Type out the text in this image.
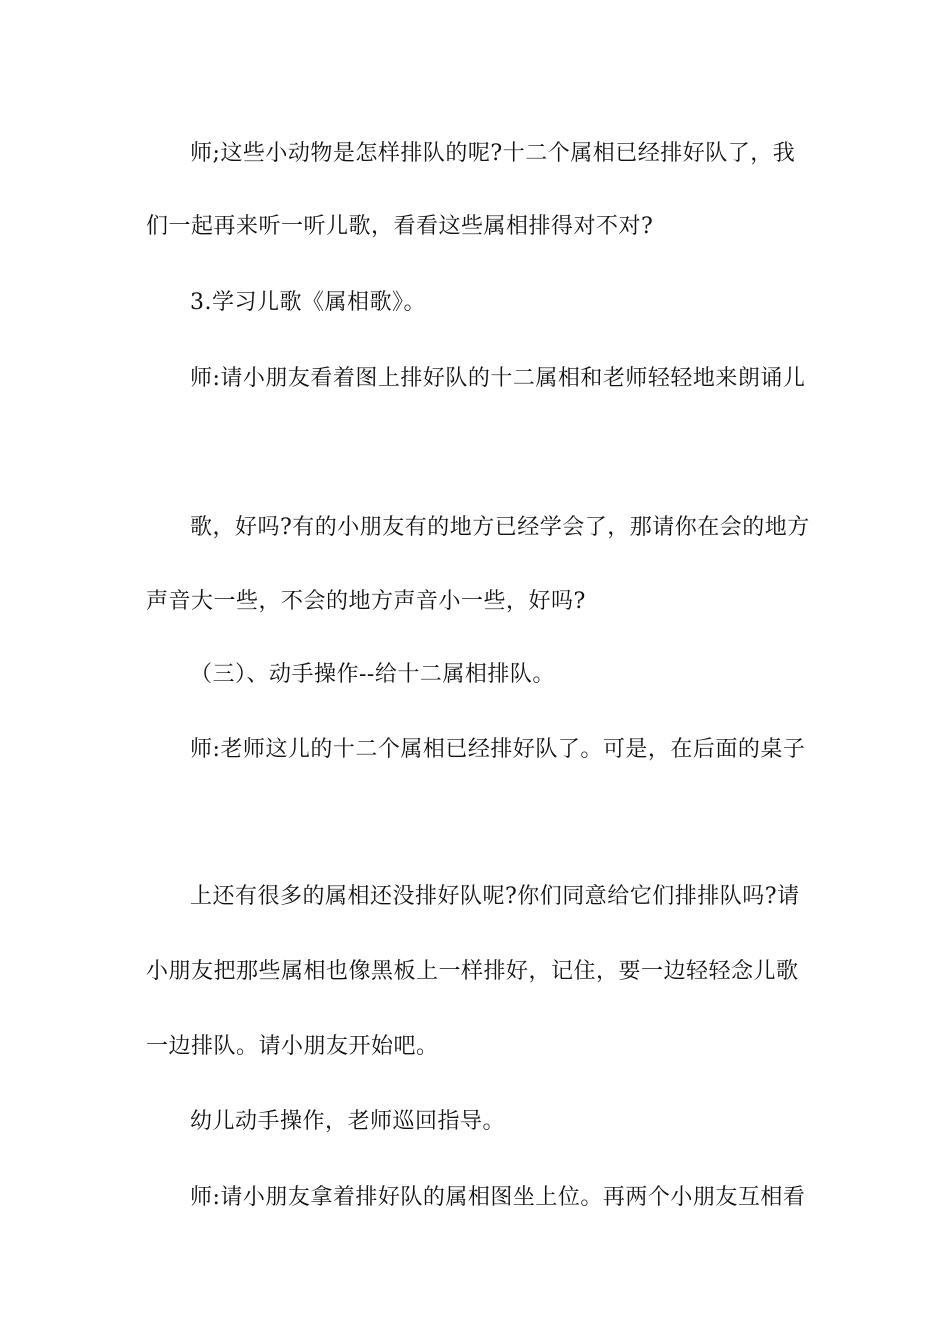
师;这些小动物是怎样排队的呢?十二个属相已经排好队了，我
们一起再来听一听儿歌，看看这些属相排得对不对?
3.学习儿歌《属相歌》。
师:请小朋友看着图上排好队的十二属相和老师轻轻地来朗诵儿
歌，好吗?有的小朋友有的地方已经学会了，那请你在会的地方
声音大一些，不会的地方声音小一些，好吗?
（三）、动手操作--给十二属相排队。
师:老师这儿的十二个属相已经排好队了。可是，在后面的桌子
上还有很多的属相还没排好队呢?你们同意给它们排排队吗?请
小朋友把那些属相也像黑板上一样排好，记住，要一边轻轻念儿歌
一边排队。请小朋友开始吧。
幼儿动手操作，老师巡回指导。
师:请小朋友拿着排好队的属相图坐上位。再两个小朋友互相看
